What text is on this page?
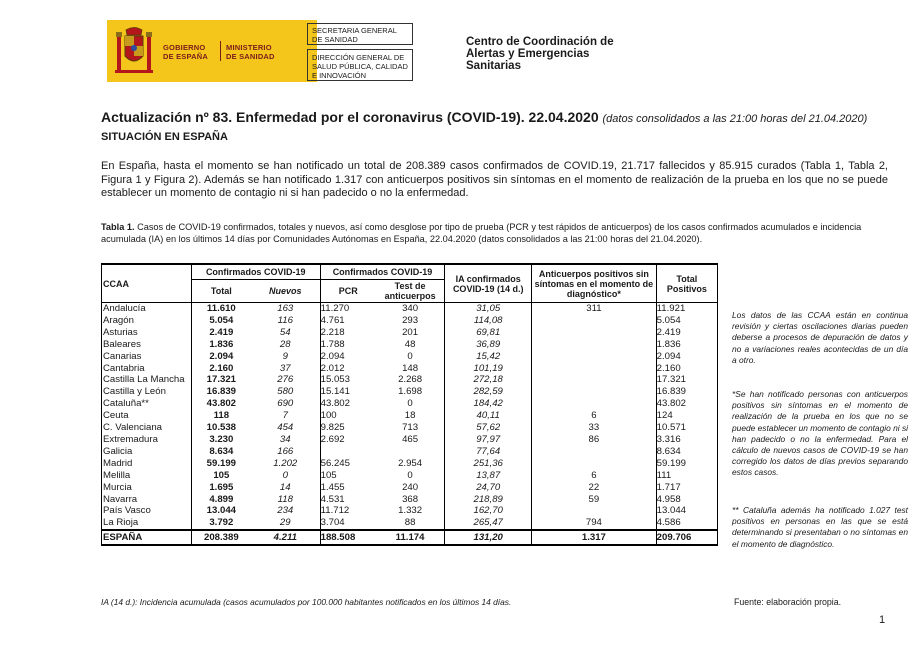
GOBIERNO
DE ESPAÑA
MINISTERIO
DE SANIDAD
SECRETARIA GENERAL
DE SANIDAD
DIRECCIÓN GENERAL DE
SALUD PÚBLICA, CALIDAD
E INNOVACIÓN
Centro de Coordinación de
Alertas y Emergencias
Sanitarias
Actualización nº 83. Enfermedad por el coronavirus (COVID-19). 22.04.2020 (datos consolidados a las 21:00 horas del 21.04.2020)
SITUACIÓN EN ESPAÑA
En España, hasta el momento se han notificado un total de 208.389 casos confirmados de COVID.19, 21.717 fallecidos y 85.915 curados (Tabla 1, Tabla 2, Figura 1 y Figura 2). Además se han notificado 1.317 con anticuerpos positivos sin síntomas en el momento de realización de la prueba en los que no se puede establecer un momento de contagio ni si han padecido o no la enfermedad.
Tabla 1. Casos de COVID-19 confirmados, totales y nuevos, así como desglose por tipo de prueba (PCR y test rápidos de anticuerpos) de los casos confirmados acumulados e incidencia acumulada (IA) en los últimos 14 días por Comunidades Autónomas en España, 22.04.2020 (datos consolidados a las 21:00 horas del 21.04.2020).
CCAA	Confirmados COVID-19		Confirmados COVID-19		IA confirmados COVID-19 (14 d.)	Anticuerpos positivos sin síntomas en el momento de diagnóstico*	Total Positivos
	Total	Nuevos	PCR	Test de anticuerpos			
Andalucía	11.610	163	11.270	340	31,05	311	11.921
Aragón	5.054	116	4.761	293	114,08		5.054
Asturias	2.419	54	2.218	201	69,81		2.419
Baleares	1.836	28	1.788	48	36,89		1.836
Canarias	2.094	9	2.094	0	15,42		2.094
Cantabria	2.160	37	2.012	148	101,19		2.160
Castilla La Mancha	17.321	276	15.053	2.268	272,18		17.321
Castilla y León	16.839	580	15.141	1.698	282,59		16.839
Cataluña**	43.802	690	43.802	0	184,42		43.802
Ceuta	118	7	100	18	40,11	6	124
C. Valenciana	10.538	454	9.825	713	57,62	33	10.571
Extremadura	3.230	34	2.692	465	97,97	86	3.316
Galicia	8.634	166			77,64		8.634
Madrid	59.199	1.202	56.245	2.954	251,36		59.199
Melilla	105	0	105	0	13,87	6	111
Murcia	1.695	14	1.455	240	24,70	22	1.717
Navarra	4.899	118	4.531	368	218,89	59	4.958
País Vasco	13.044	234	11.712	1.332	162,70		13.044
La Rioja	3.792	29	3.704	88	265,47	794	4.586
ESPAÑA	208.389	4.211	188.508	11.174	131,20	1.317	209.706
Los datos de las CCAA están en continua revisión y ciertas oscilaciones diarias pueden deberse a procesos de depuración de datos y no a variaciones reales acontecidas de un día a otro.
*Se han notificado personas con anticuerpos positivos sin síntomas en el momento de realización de la prueba en los que no se puede establecer un momento de contagio ni si han padecido o no la enfermedad. Para el cálculo de nuevos casos de COVID-19 se han corregido los datos de días previos separando estos casos.
** Cataluña además ha notificado 1.027 test positivos en personas en las que se está determinando si presentaban o no síntomas en el momento de diagnóstico.
IA (14 d.): Incidencia acumulada (casos acumulados por 100.000 habitantes notificados en los últimos 14 días.	Fuente: elaboración propia.
1
